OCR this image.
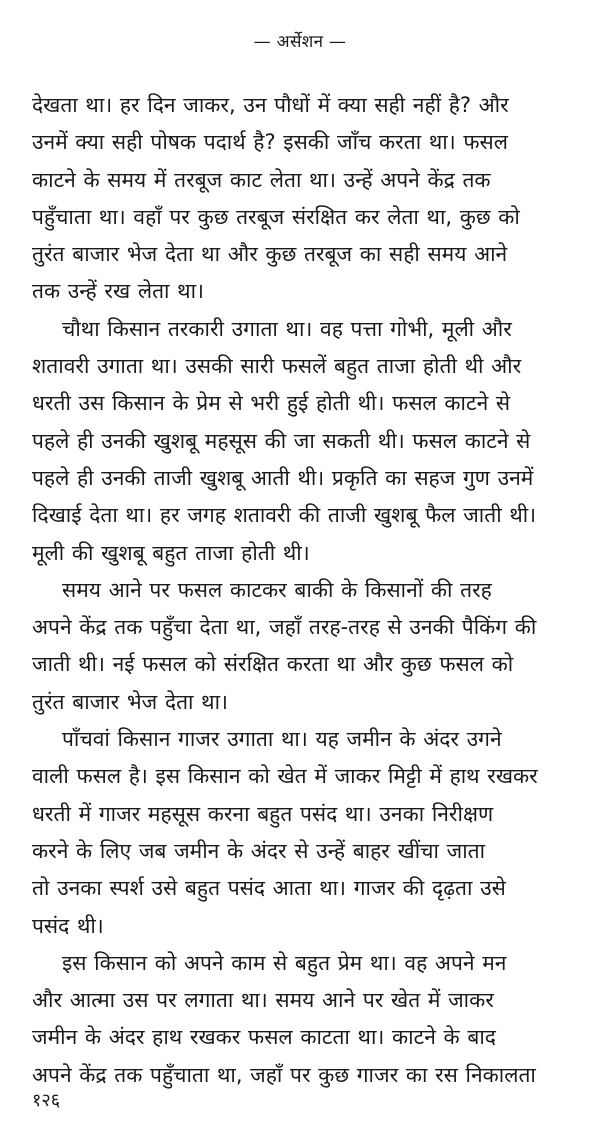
— अर्सेशन —
देखता था। हर दिन जाकर, उन पौधों में क्या सही नहीं है? और
उनमें क्या सही पोषक पदार्थ है? इसकी जाँच करता था। फसल
काटने के समय में तरबूज काट लेता था। उन्हें अपने केंद्र तक
पहुँचाता था। वहाँ पर कुछ तरबूज संरक्षित कर लेता था, कुछ को
तुरंत बाजार भेज देता था और कुछ तरबूज का सही समय आने
तक उन्हें रख लेता था।
चौथा किसान तरकारी उगाता था। वह पत्ता गोभी, मूली और
शतावरी उगाता था। उसकी सारी फसलें बहुत ताजा होती थी और
धरती उस किसान के प्रेम से भरी हुई होती थी। फसल काटने से
पहले ही उनकी खुशबू महसूस की जा सकती थी। फसल काटने से
पहले ही उनकी ताजी खुशबू आती थी। प्रकृति का सहज गुण उनमें
दिखाई देता था। हर जगह शतावरी की ताजी खुशबू फैल जाती थी।
मूली की खुशबू बहुत ताजा होती थी।
समय आने पर फसल काटकर बाकी के किसानों की तरह
अपने केंद्र तक पहुँचा देता था, जहाँ तरह-तरह से उनकी पैकिंग की
जाती थी। नई फसल को संरक्षित करता था और कुछ फसल को
तुरंत बाजार भेज देता था।
पाँचवां किसान गाजर उगाता था। यह जमीन के अंदर उगने
वाली फसल है। इस किसान को खेत में जाकर मिट्टी में हाथ रखकर
धरती में गाजर महसूस करना बहुत पसंद था। उनका निरीक्षण
करने के लिए जब जमीन के अंदर से उन्हें बाहर खींचा जाता
तो उनका स्पर्श उसे बहुत पसंद आता था। गाजर की दृढ़ता उसे
पसंद थी।
इस किसान को अपने काम से बहुत प्रेम था। वह अपने मन
और आत्मा उस पर लगाता था। समय आने पर खेत में जाकर
जमीन के अंदर हाथ रखकर फसल काटता था। काटने के बाद
अपने केंद्र तक पहुँचाता था, जहाँ पर कुछ गाजर का रस निकालता
१२६
